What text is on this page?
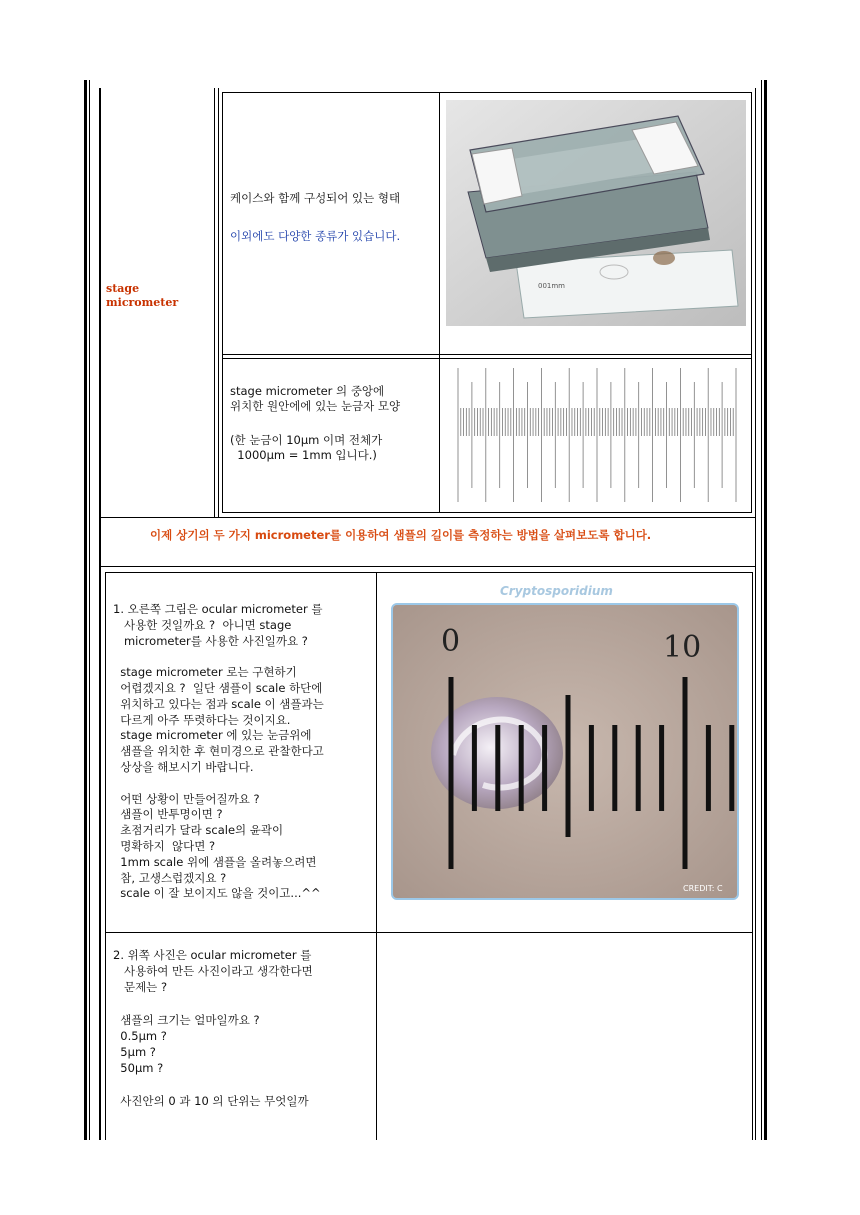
stage
micrometer
케이스와 함께 구성되어 있는 형태
이외에도 다양한 종류가 있습니다.
001mm
stage micrometer 의 중앙에
위치한 원안에에 있는 눈금자 모양
(한 눈금이 10μm 이며 전체가
1000μm = 1mm 입니다.)
이제 상기의 두 가지 micrometer를 이용하여 샘플의 길이를 측정하는 방법을 살펴보도록 합니다.
1. 오른쪽 그림은 ocular micrometer 를
사용한 것일까요 ?  아니면 stage
micrometer를 사용한 사진일까요 ?
stage micrometer 로는 구현하기
어렵겠지요 ?  일단 샘플이 scale 하단에
위치하고 있다는 점과 scale 이 샘플과는
다르게 아주 뚜렷하다는 것이지요.
stage micrometer 에 있는 눈금위에
샘플을 위치한 후 현미경으로 관찰한다고
상상을 해보시기 바랍니다.
어떤 상황이 만들어질까요 ?
샘플이 반투명이면 ?
초점거리가 달라 scale의 윤곽이
명확하지  않다면 ?
1mm scale 위에 샘플을 올려놓으려면
참, 고생스럽겠지요 ?
scale 이 잘 보이지도 않을 것이고...^^
Cryptosporidium
0	10
CREDIT: C
2. 위쪽 사진은 ocular micrometer 를
사용하여 만든 사진이라고 생각한다면
문제는 ?
샘플의 크기는 얼마일까요 ?
0.5μm ?
5μm ?
50μm ?
사진안의 0 과 10 의 단위는 무엇일까
